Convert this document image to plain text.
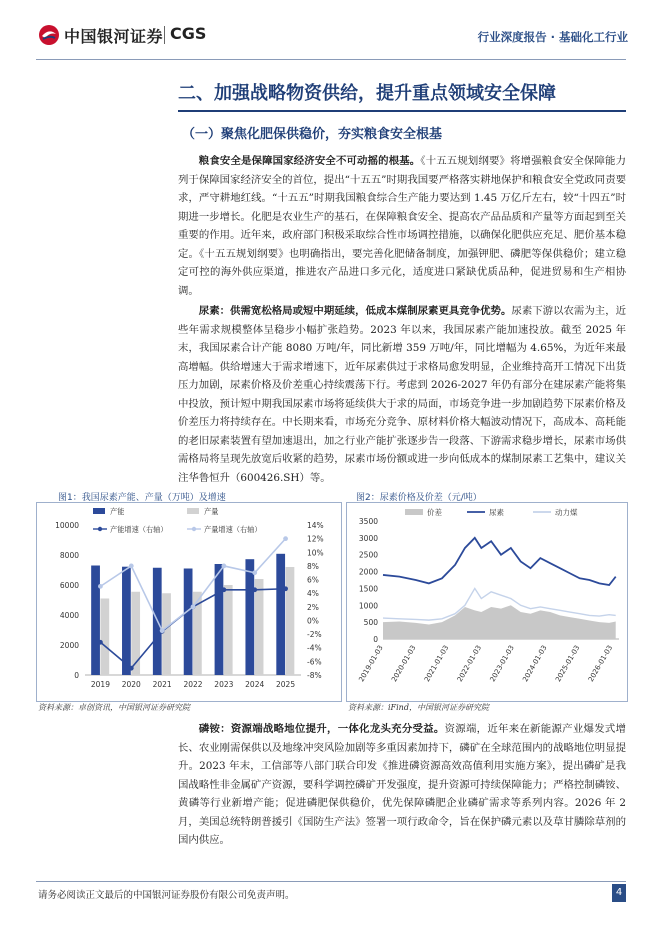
中国银河证券 CGS	行业深度报告 · 基础化工行业
二、加强战略物资供给，提升重点领域安全保障
（一）聚焦化肥保供稳价，夯实粮食安全根基
粮食安全是保障国家经济安全不可动摇的根基。《十五五规划纲要》将增强粮食安全保障能力列于保障国家经济安全的首位，提出“十五五”时期我国要严格落实耕地保护和粮食安全党政同责要求，严守耕地红线。“十五五”时期我国粮食综合生产能力要达到 1.45 万亿斤左右，较“十四五”时期进一步增长。化肥是农业生产的基石，在保障粮食安全、提高农产品品质和产量等方面起到至关重要的作用。近年来，政府部门积极采取综合性市场调控措施，以确保化肥供应充足、肥价基本稳定。《十五五规划纲要》也明确指出，要完善化肥储备制度，加强钾肥、磷肥等保供稳价；建立稳定可控的海外供应渠道，推进农产品进口多元化，适度进口紧缺优质品种，促进贸易和生产相协调。
尿素：供需宽松格局或短中期延续，低成本煤制尿素更具竞争优势。尿素下游以农需为主，近些年需求规模整体呈稳步小幅扩张趋势。2023 年以来，我国尿素产能加速投放。截至 2025 年末，我国尿素合计产能 8080 万吨/年，同比新增 359 万吨/年，同比增幅为 4.65%，为近年来最高增幅。供给增速大于需求增速下，近年尿素供过于求格局愈发明显，企业维持高开工情况下出货压力加剧，尿素价格及价差重心持续震荡下行。考虑到 2026-2027 年仍有部分在建尿素产能将集中投放，预计短中期我国尿素市场将延续供大于求的局面，市场竞争进一步加剧趋势下尿素价格及价差压力将持续存在。中长期来看，市场充分竞争、原材料价格大幅波动情况下，高成本、高耗能的老旧尿素装置有望加速退出，加之行业产能扩张逐步告一段落、下游需求稳步增长，尿素市场供需格局将呈现先放宽后收紧的趋势，尿素市场份额或进一步向低成本的煤制尿素工艺集中，建议关注华鲁恒升（600426.SH）等。
图1：我国尿素产能、产量（万吨）及增速
0
2000
4000
6000
8000
10000
-8%
-6%
-4%
-2%
0%
2%
4%
6%
8%
10%
12%
14%
2019 2020 2021 2022 2023 2024 2025
产能	产量
产能增速（右轴）	产量增速（右轴）
资料来源：卓创资讯，中国银河证券研究院
图2：尿素价格及价差（元/吨）
0
500
1000
1500
2000
2500
3000
3500
2019-01-03 2020-01-03 2021-01-03 2022-01-03 2023-01-03 2024-01-03 2025-01-03 2026-01-03
价差	尿素	动力煤
资料来源：iFind，中国银河证券研究院
磷铵：资源端战略地位提升，一体化龙头充分受益。资源端，近年来在新能源产业爆发式增长、农业刚需保供以及地缘冲突风险加剧等多重因素加持下，磷矿在全球范围内的战略地位明显提升。2023 年末，工信部等八部门联合印发《推进磷资源高效高值利用实施方案》，提出磷矿是我国战略性非金属矿产资源，要科学调控磷矿开发强度，提升资源可持续保障能力；严格控制磷铵、黄磷等行业新增产能；促进磷肥保供稳价，优先保障磷肥企业磷矿需求等系列内容。2026 年 2 月，美国总统特朗普援引《国防生产法》签署一项行政命令，旨在保护磷元素以及草甘膦除草剂的国内供应。
请务必阅读正文最后的中国银河证券股份有限公司免责声明。	4
